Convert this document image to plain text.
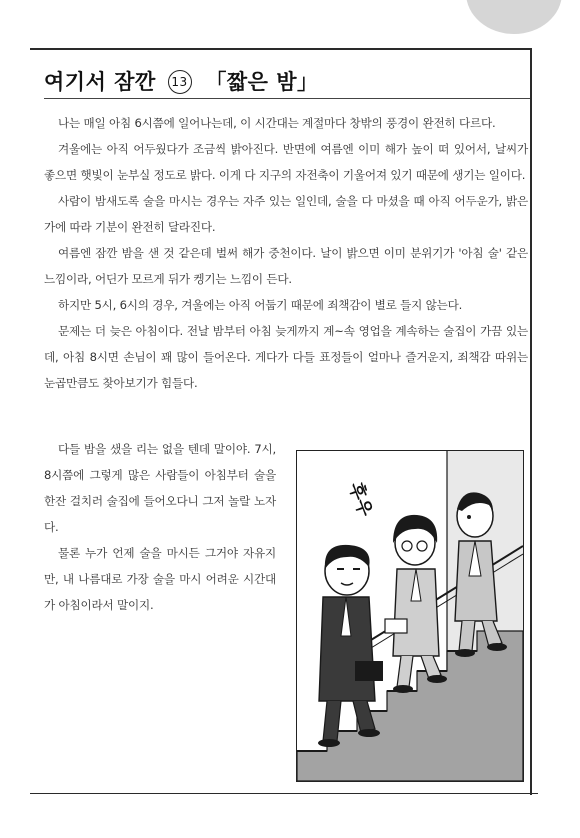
여기서 잠깐 13 「짧은 밤」

나는 매일 아침 6시쯤에 일어나는데, 이 시간대는 계절마다 창밖의 풍경이 완전히 다르다.

겨울에는 아직 어두웠다가 조금씩 밝아진다. 반면에 여름엔 이미 해가 높이 떠 있어서, 날씨가 좋으면 햇빛이 눈부실 정도로 밝다. 이게 다 지구의 자전축이 기울어져 있기 때문에 생기는 일이다.

사람이 밤새도록 술을 마시는 경우는 자주 있는 일인데, 술을 다 마셨을 때 아직 어두운가, 밝은가에 따라 기분이 완전히 달라진다.

여름엔 잠깐 밤을 샌 것 같은데 벌써 해가 중천이다. 날이 밝으면 이미 분위기가 '아침 술' 같은 느낌이라, 어딘가 모르게 뒤가 켕기는 느낌이 든다.

하지만 5시, 6시의 경우, 겨울에는 아직 어둡기 때문에 죄책감이 별로 들지 않는다.

문제는 더 늦은 아침이다. 전날 밤부터 아침 늦게까지 계~속 영업을 계속하는 술집이 가끔 있는데, 아침 8시면 손님이 꽤 많이 들어온다. 게다가 다들 표정들이 얼마나 즐거운지, 죄책감 따위는 눈곱만큼도 찾아보기가 힘들다.

다들 밤을 샜을 리는 없을 텐데 말이야. 7시, 8시쯤에 그렇게 많은 사람들이 아침부터 술을 한잔 걸치러 술집에 들어오다니 그저 놀랄 노자다.

물론 누가 언제 술을 마시든 그거야 자유지만, 내 나름대로 가장 술을 마시 어려운 시간대가 아침이라서 말이지.

후우
